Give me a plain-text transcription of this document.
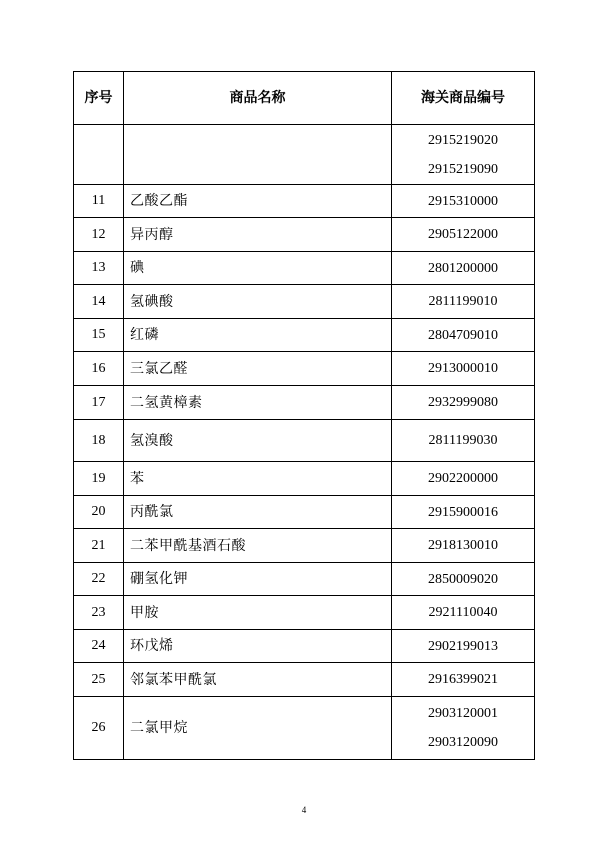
序号	商品名称	海关商品编号

		2915219020
2915219090

11	乙酸乙酯	2915310000

12	异丙醇	2905122000

13	碘	2801200000

14	氢碘酸	2811199010

15	红磷	2804709010

16	三氯乙醛	2913000010

17	二氢黄樟素	2932999080

18	氢溴酸	2811199030

19	苯	2902200000

20	丙酰氯	2915900016

21	二苯甲酰基酒石酸	2918130010

22	硼氢化钾	2850009020

23	甲胺	2921110040

24	环戊烯	2902199013

25	邻氯苯甲酰氯	2916399021

26	二氯甲烷	2903120001
2903120090
4
